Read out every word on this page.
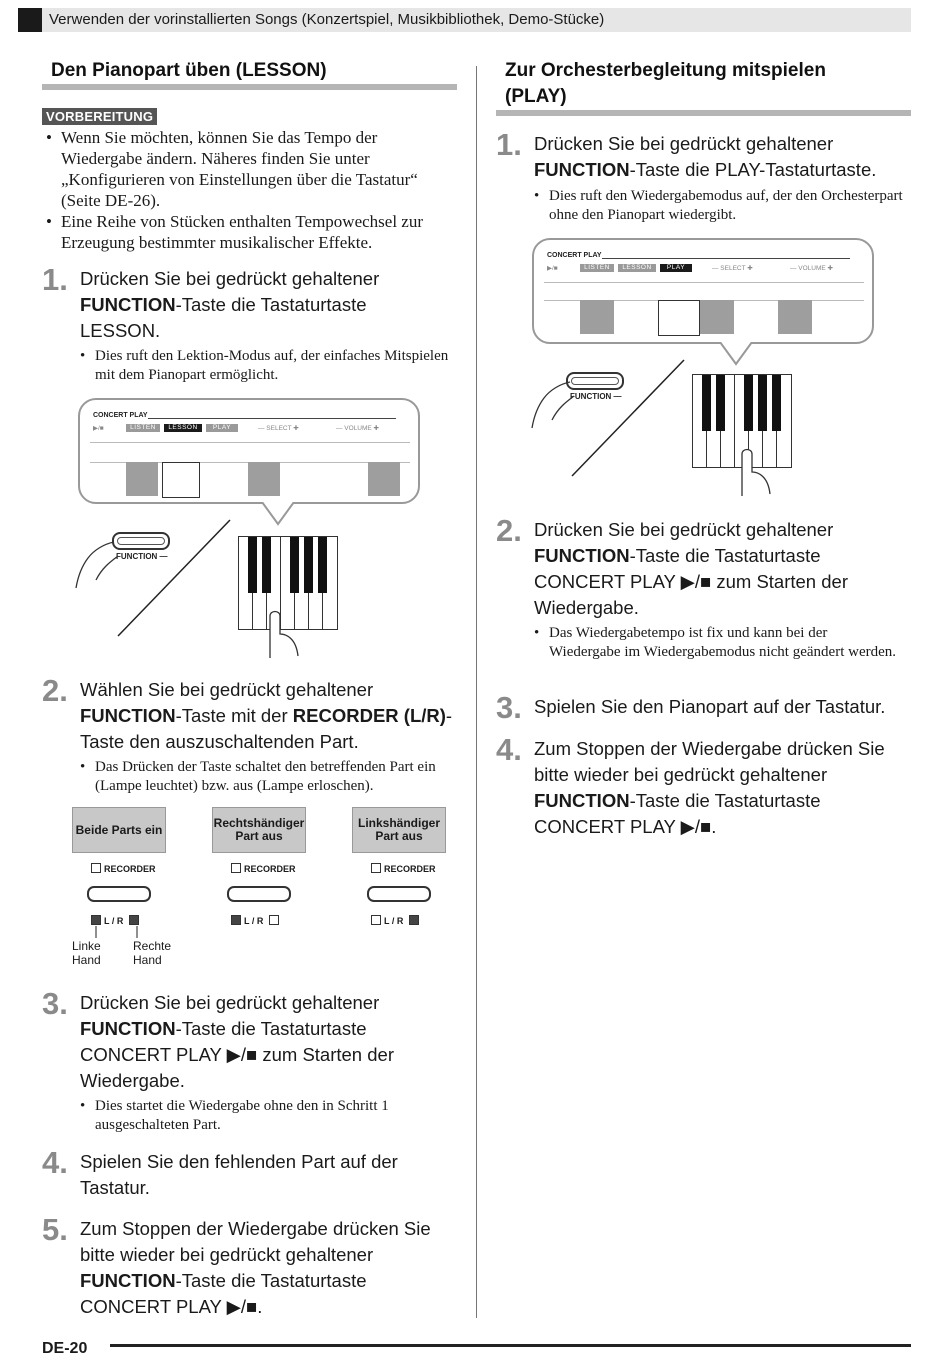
Verwenden der vorinstallierten Songs (Konzertspiel, Musikbibliothek, Demo-Stücke)
Den Pianopart üben (LESSON)
VORBEREITUNG
• Wenn Sie möchten, können Sie das Tempo der Wiedergabe ändern. Näheres finden Sie unter „Konfigurieren von Einstellungen über die Tastatur“ (Seite DE-26).
• Eine Reihe von Stücken enthalten Tempowechsel zur Erzeugung bestimmter musikalischer Effekte.
1. Drücken Sie bei gedrückt gehaltener FUNCTION-Taste die Tastaturtaste LESSON.
• Dies ruft den Lektion-Modus auf, der einfaches Mitspielen mit dem Pianopart ermöglicht.
CONCERT PLAY
▶/■	LISTEN	LESSON	PLAY	— SELECT ✚	— VOLUME ✚
FUNCTION —
2. Wählen Sie bei gedrückt gehaltener FUNCTION-Taste mit der RECORDER (L/R)-Taste den auszuschaltenden Part.
• Das Drücken der Taste schaltet den betreffenden Part ein (Lampe leuchtet) bzw. aus (Lampe erloschen).
Beide Parts ein	Rechtshändiger Part aus
Linkshändiger Part aus
RECORDER	RECORDER	RECORDER
L / R	L / R	L / R
Linke Hand
Rechte Hand
3. Drücken Sie bei gedrückt gehaltener FUNCTION-Taste die Tastaturtaste CONCERT PLAY ▶/■ zum Starten der Wiedergabe.
• Dies startet die Wiedergabe ohne den in Schritt 1 ausgeschalteten Part.
4. Spielen Sie den fehlenden Part auf der Tastatur.
5. Zum Stoppen der Wiedergabe drücken Sie bitte wieder bei gedrückt gehaltener FUNCTION-Taste die Tastaturtaste CONCERT PLAY ▶/■.
Zur Orchesterbegleitung mitspielen (PLAY)
1. Drücken Sie bei gedrückt gehaltener FUNCTION-Taste die PLAY-Tastaturtaste.
• Dies ruft den Wiedergabemodus auf, der den Orchesterpart ohne den Pianopart wiedergibt.
CONCERT PLAY
▶/■	LISTEN	LESSON	PLAY	— SELECT ✚	— VOLUME ✚
FUNCTION —
2. Drücken Sie bei gedrückt gehaltener FUNCTION-Taste die Tastaturtaste CONCERT PLAY ▶/■ zum Starten der Wiedergabe.
• Das Wiedergabetempo ist fix und kann bei der Wiedergabe im Wiedergabemodus nicht geändert werden.
3. Spielen Sie den Pianopart auf der Tastatur.
4. Zum Stoppen der Wiedergabe drücken Sie bitte wieder bei gedrückt gehaltener FUNCTION-Taste die Tastaturtaste CONCERT PLAY ▶/■.
DE-20
